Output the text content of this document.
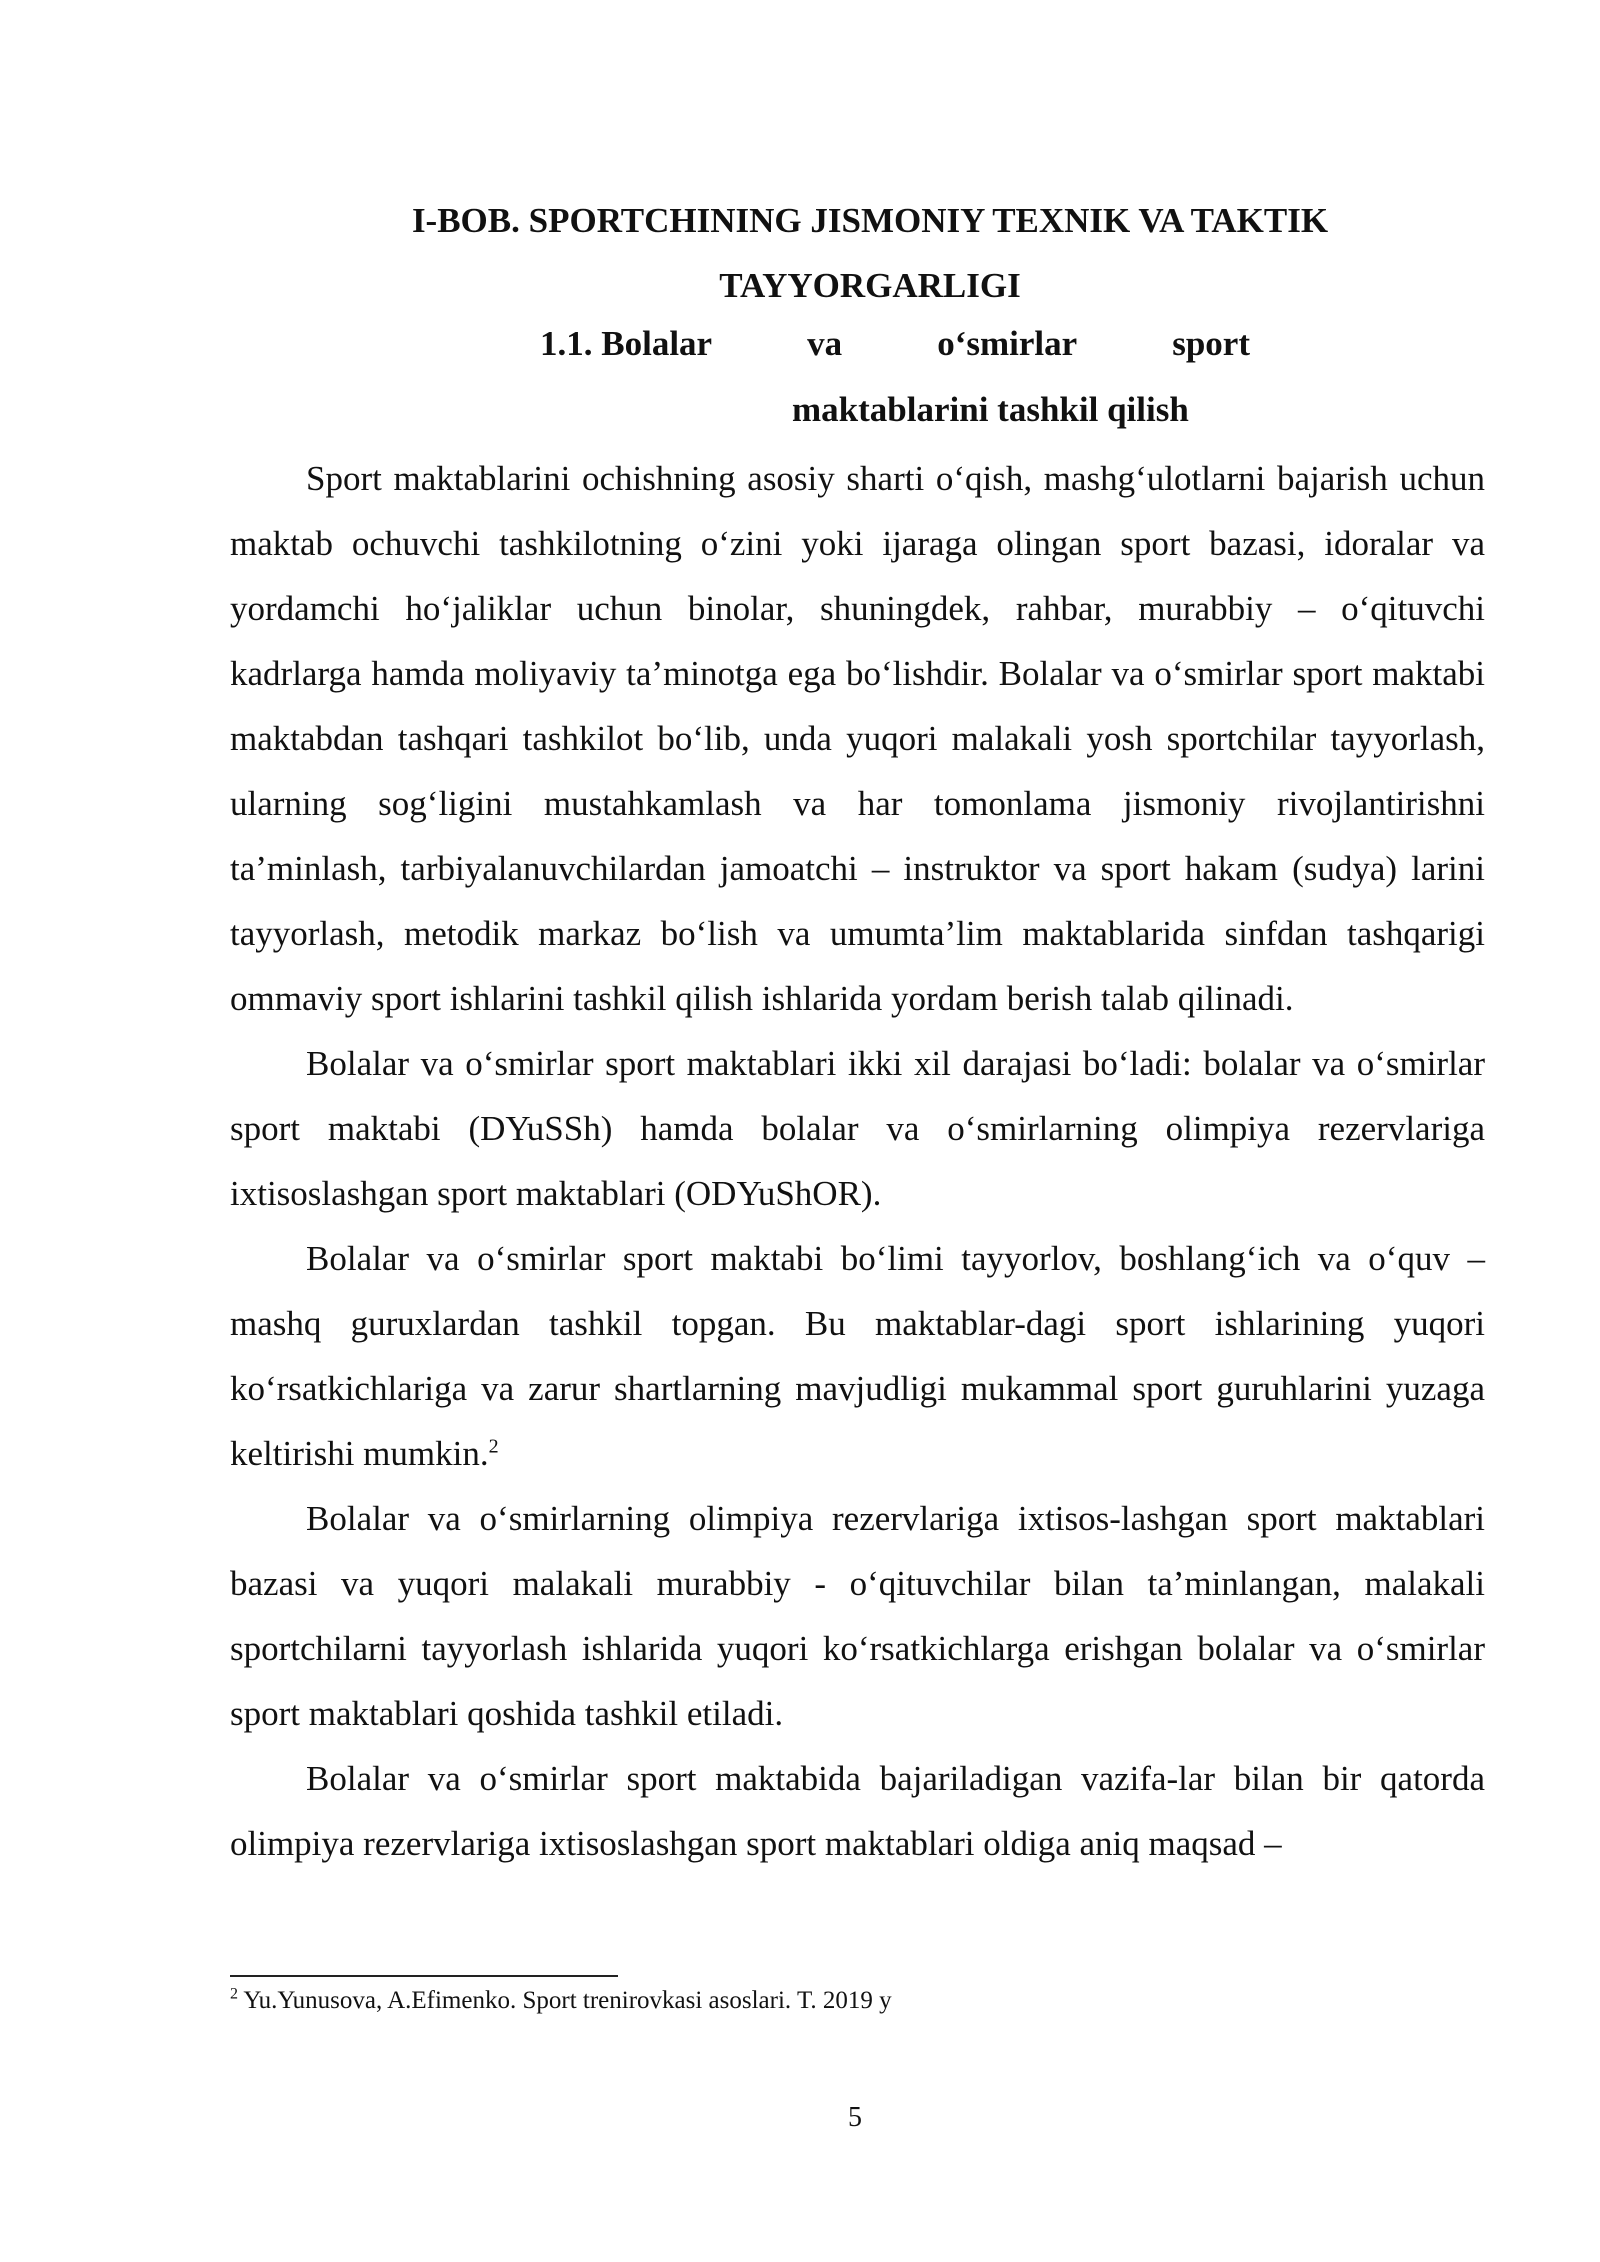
I-BOB. SPORTCHINING JISMONIY TEXNIK VA TAKTIK
TAYYORGARLIGI
1.1. Bolalar	va	o‘smirlar	sport
maktablarini tashkil qilish

Sport maktablarini ochishning asosiy sharti o‘qish, mashg‘ulotlarni bajarish uchun maktab ochuvchi tashkilotning o‘zini yoki ijaraga olingan sport bazasi, idoralar va yordamchi ho‘jaliklar uchun binolar, shuningdek, rahbar, murabbiy – o‘qituvchi kadrlarga hamda moliyaviy ta’minotga ega bo‘lishdir. Bolalar va o‘smirlar sport maktabi maktabdan tashqari tashkilot bo‘lib, unda yuqori malakali yosh sportchilar tayyorlash, ularning sog‘ligini mustahkamlash va har tomonlama jismoniy rivojlantirishni ta’minlash, tarbiyalanuvchilardan jamoatchi – instruktor va sport hakam (sudya) larini tayyorlash, metodik markaz bo‘lish va umumta’lim maktablarida sinfdan tashqarigi ommaviy sport ishlarini tashkil qilish ishlarida yordam berish talab qilinadi.

Bolalar va o‘smirlar sport maktablari ikki xil darajasi bo‘ladi: bolalar va o‘smirlar sport maktabi (DYuSSh) hamda bolalar va o‘smirlarning olimpiya rezervlariga ixtisoslashgan sport maktablari (ODYuShOR).

Bolalar va o‘smirlar sport maktabi bo‘limi tayyorlov, boshlang‘ich va o‘quv – mashq guruxlardan tashkil topgan. Bu maktablar-dagi sport ishlarining yuqori ko‘rsatkichlariga va zarur shartlarning mavjudligi mukammal sport guruhlarini yuzaga keltirishi mumkin.$^2$

Bolalar va o‘smirlarning olimpiya rezervlariga ixtisos-lashgan sport maktablari bazasi va yuqori malakali murabbiy - o‘qituvchilar bilan ta’minlangan, malakali sportchilarni tayyorlash ishlarida yuqori ko‘rsatkichlarga erishgan bolalar va o‘smirlar sport maktablari qoshida tashkil etiladi.

Bolalar va o‘smirlar sport maktabida bajariladigan vazifa-lar bilan bir qatorda olimpiya rezervlariga ixtisoslashgan sport maktablari oldiga aniq maqsad –

$^2$ Yu.Yunusova, A.Efimenko. Sport trenirovkasi asoslari. T. 2019 y

5
